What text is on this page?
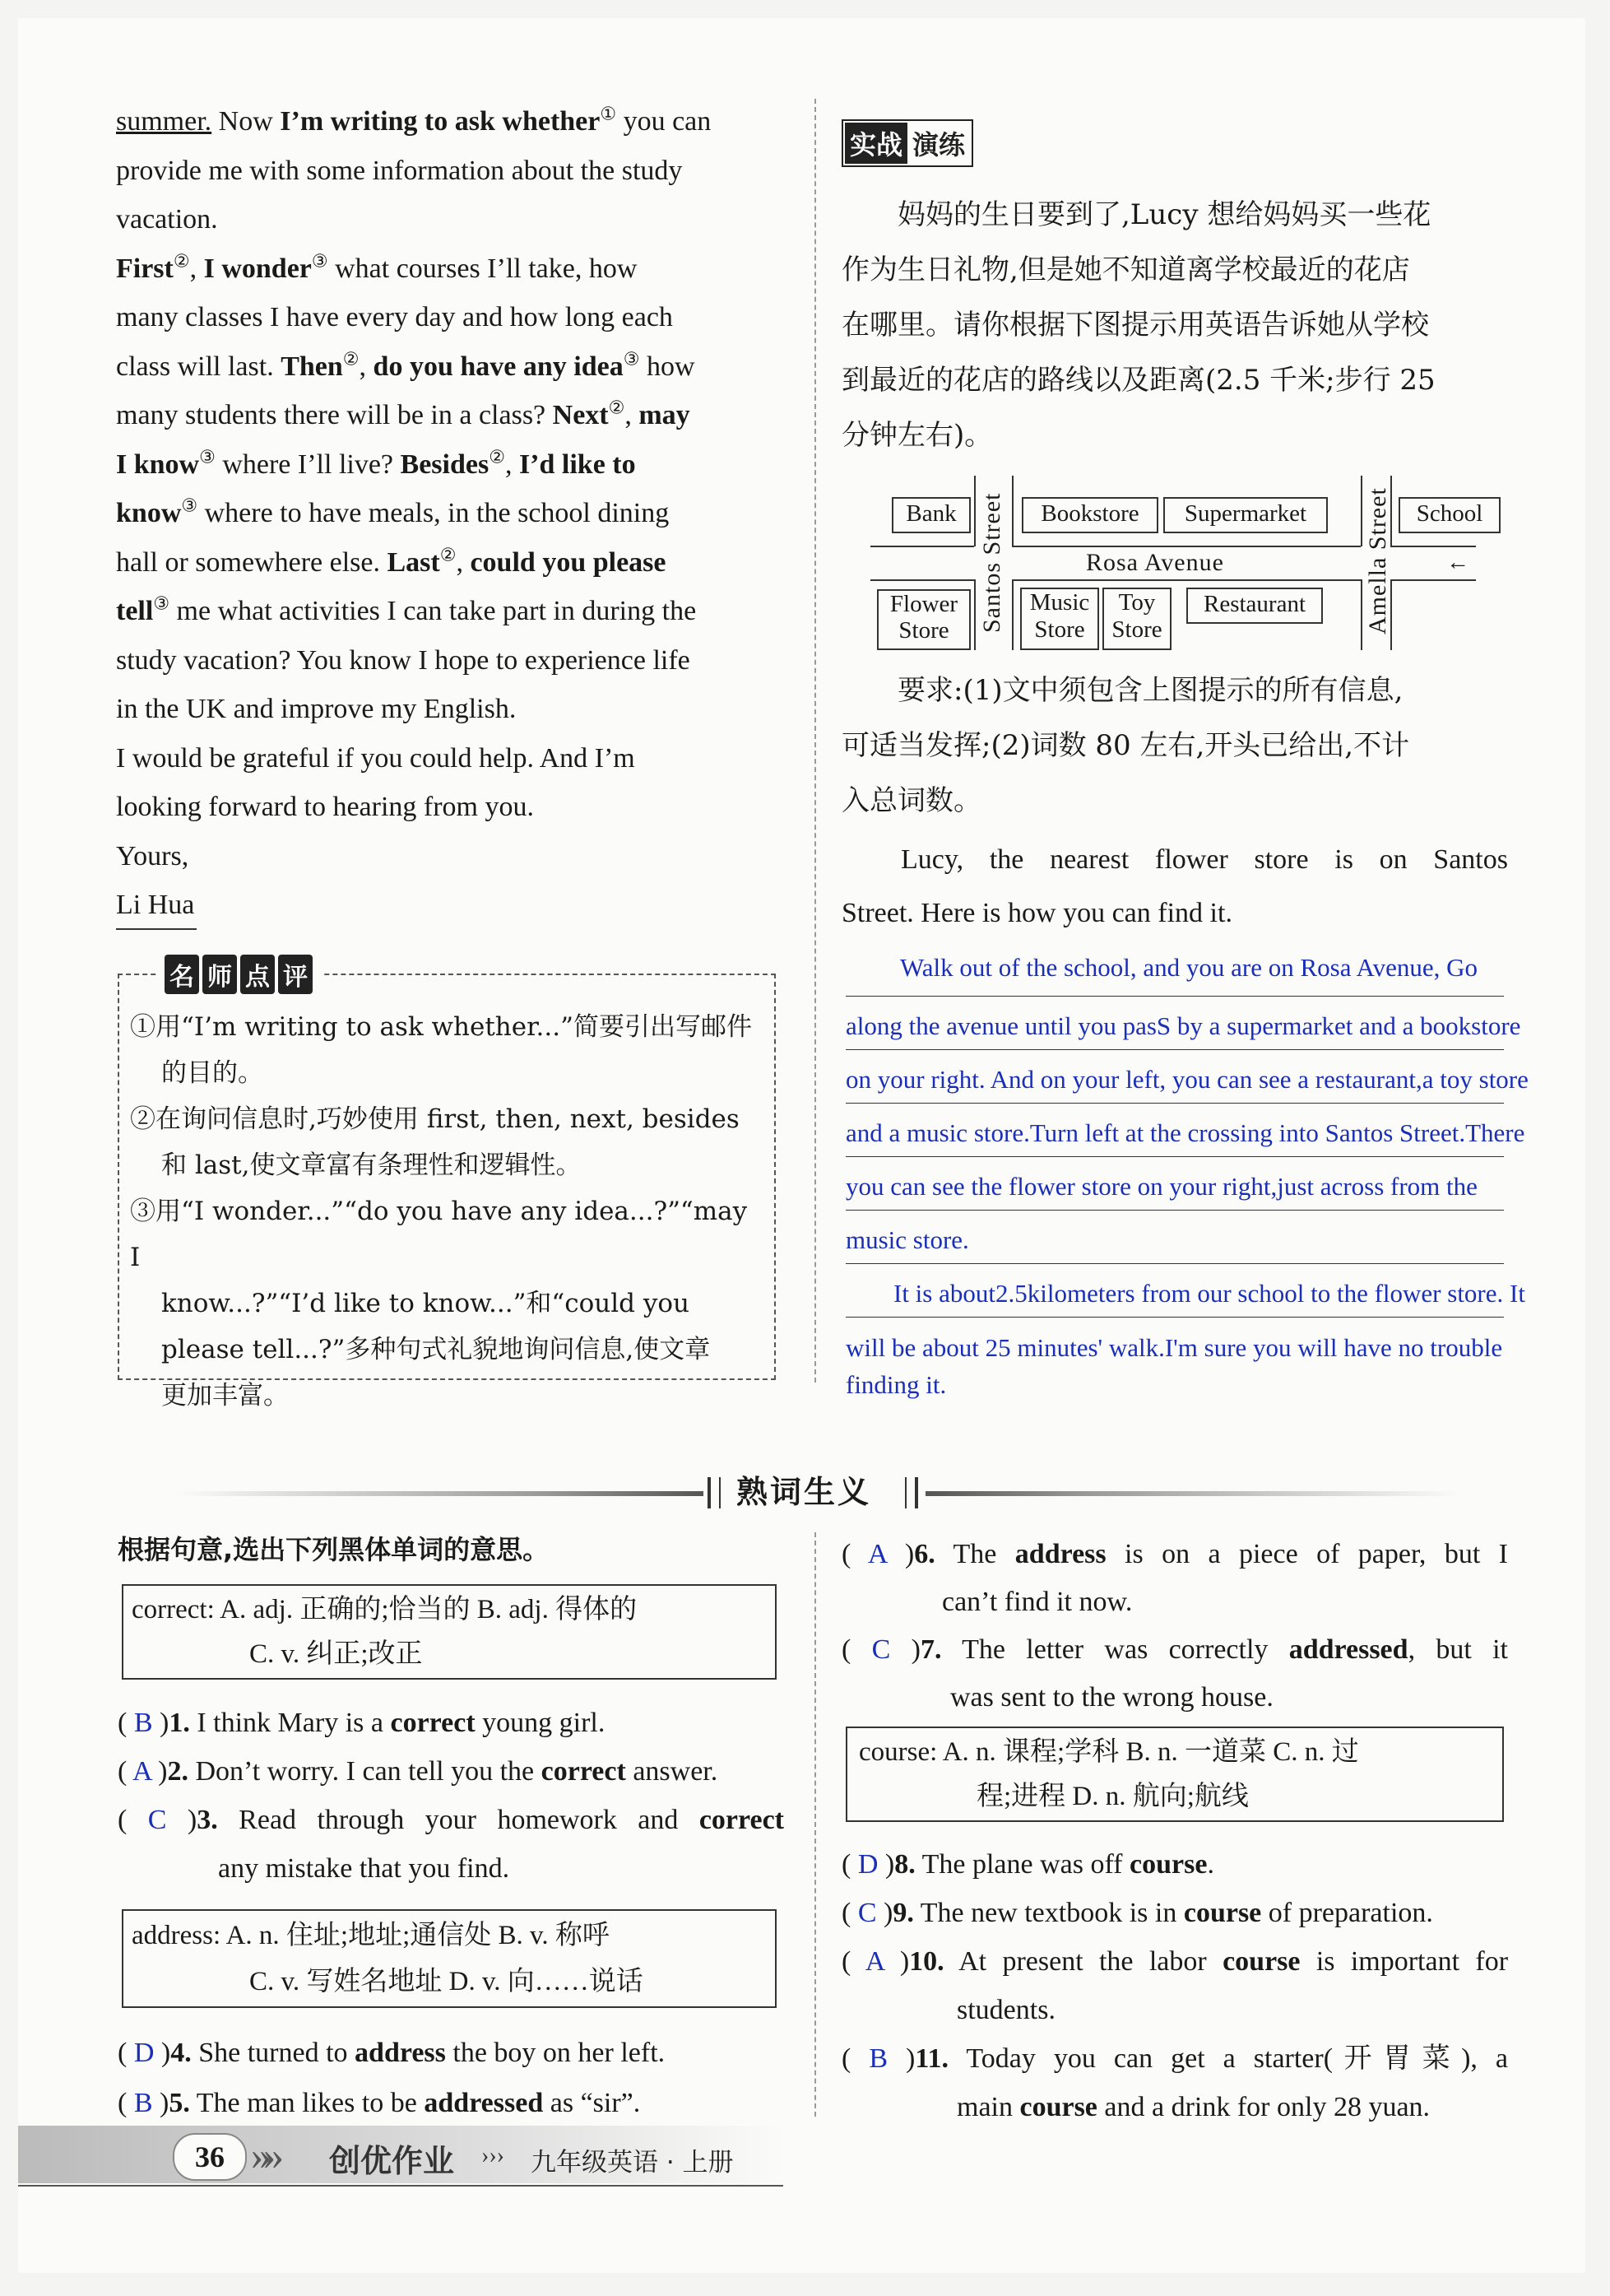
summer. Now I’m writing to ask whether① you can
provide me with some information about the study
vacation.
First②, I wonder③ what courses I’ll take, how
many classes I have every day and how long each
class will last. Then②, do you have any idea③ how
many students there will be in a class? Next②, may
I know③ where I’ll live? Besides②, I’d like to
know③ where to have meals, in the school dining
hall or somewhere else. Last②, could you please
tell③ me what activities I can take part in during the
study vacation? You know I hope to experience life
in the UK and improve my English.
I would be grateful if you could help. And I’m
looking forward to hearing from you.
Yours,
Li Hua
名 师 点 评
①用“I’m writing to ask whether...”简要引出写邮件
的目的。
②在询问信息时,巧妙使用 first, then, next, besides
和 last,使文章富有条理性和逻辑性。
③用“I wonder...”“do you have any idea...?”“may I
know...?”“I’d like to know...”和“could you
please tell...?”多种句式礼貌地询问信息,使文章
更加丰富。
实战 演练
妈妈的生日要到了,Lucy 想给妈妈买一些花
作为生日礼物,但是她不知道离学校最近的花店
在哪里。请你根据下图提示用英语告诉她从学校
到最近的花店的路线以及距离(2.5 千米;步行 25
分钟左右)。
Bank	Bookstore	Supermarket	School
Flower
Store
Music
Store
Toy
Store
Restaurant
Rosa Avenue	←
Santos Street	Amella Street
要求:(1)文中须包含上图提示的所有信息,
可适当发挥;(2)词数 80 左右,开头已给出,不计
入总词数。
Lucy, the nearest flower store is on Santos
Street. Here is how you can find it.
Walk out of the school, and you are on Rosa Avenue, Go
along the avenue until you pasS by a supermarket and a bookstore
on your right. And on your left, you can see a restaurant,a toy store
and a music store.Turn left at the crossing into Santos Street.There
you can see the flower store on your right,just across from the
music store.
It is about2.5kilometers from our school to the flower store. It
will be about 25 minutes' walk.I'm sure you will have no trouble
finding it.
熟词生义
根据句意,选出下列黑体单词的意思。
correct: A. adj. 正确的;恰当的 B. adj. 得体的
C. v. 纠正;改正
( B )1. I think Mary is a correct young girl.
( A )2. Don’t worry. I can tell you the correct answer.
( C )3. Read through your homework and correct
any mistake that you find.
address: A. n. 住址;地址;通信处 B. v. 称呼
C. v. 写姓名地址 D. v. 向……说话
( D )4. She turned to address the boy on her left.
( B )5. The man likes to be addressed as “sir”.
( A )6. The address is on a piece of paper, but I
can’t find it now.
( C )7. The letter was correctly addressed, but it
was sent to the wrong house.
course: A. n. 课程;学科 B. n. 一道菜 C. n. 过
程;进程 D. n. 航向;航线
( D )8. The plane was off course.
( C )9. The new textbook is in course of preparation.
( A )10. At present the labor course is important for
students.
( B )11. Today you can get a starter(开胃菜), a
main course and a drink for only 28 yuan.
36 »» 创优作业 ››› 九年级英语 · 上册
